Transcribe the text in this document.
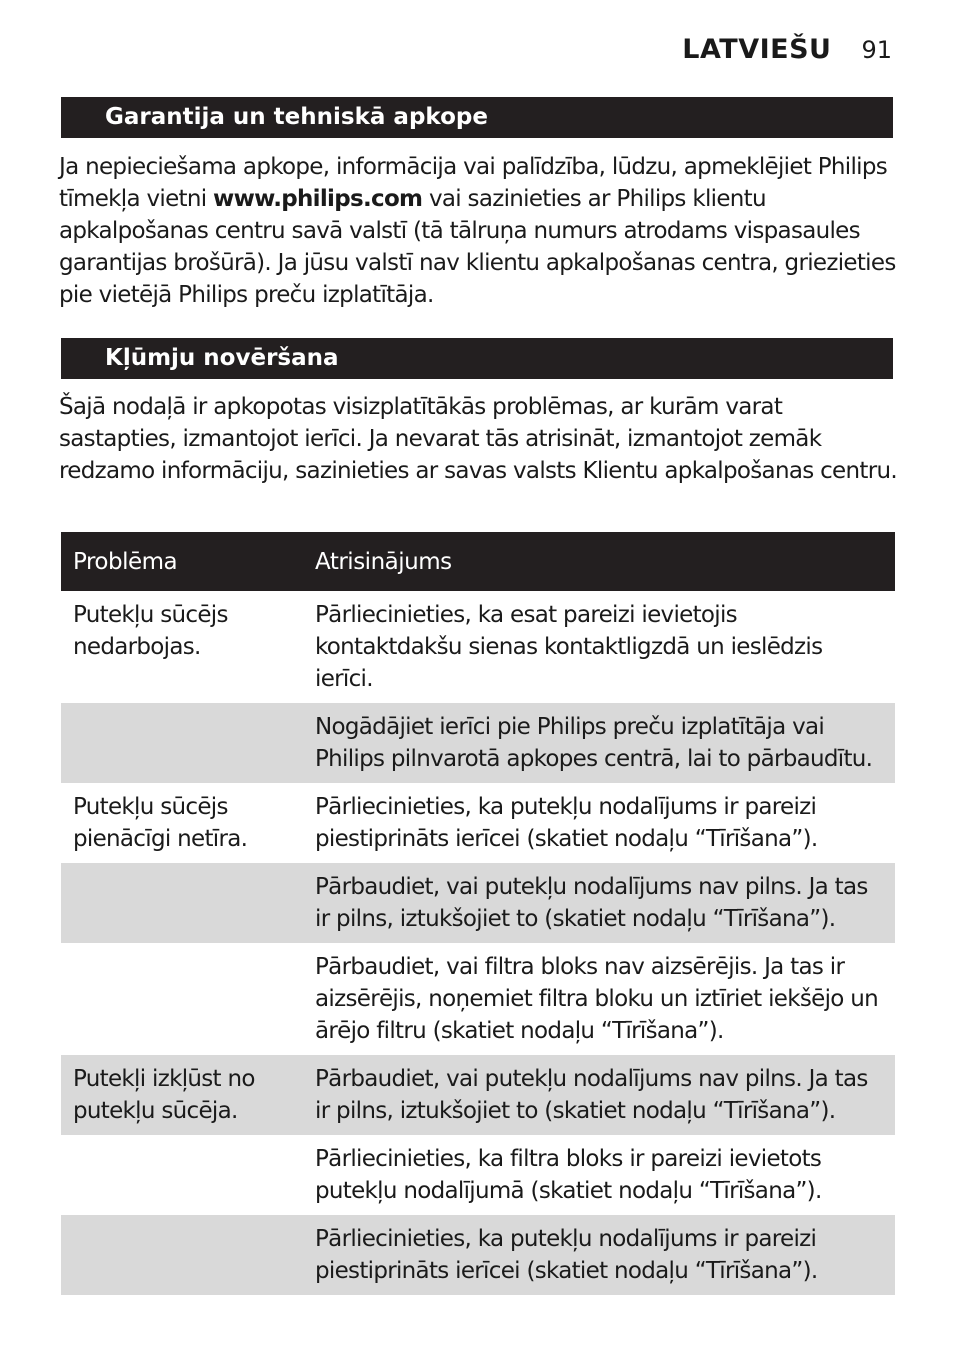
LATVIEŠU 91
Garantija un tehniskā apkope

Ja nepieciešama apkope, informācija vai palīdzība, lūdzu, apmeklējiet Philips tīmekļa vietni www.philips.com vai sazinieties ar Philips klientu apkalpošanas centru savā valstī (tā tālruņa numurs atrodams vispasaules garantijas brošūrā). Ja jūsu valstī nav klientu apkalpošanas centra, griezieties pie vietējā Philips preču izplatītāja.

Kļūmju novēršana

Šajā nodaļā ir apkopotas visizplatītākās problēmas, ar kurām varat sastapties, izmantojot ierīci. Ja nevarat tās atrisināt, izmantojot zemāk redzamo informāciju, sazinieties ar savas valsts Klientu apkalpošanas centru.

Problēma	Atrisinājums
Putekļu sūcējs nedarbojas.	Pārliecinieties, ka esat pareizi ievietojis kontaktdakšu sienas kontaktligzdā un ieslēdzis ierīci.
	Nogādājiet ierīci pie Philips preču izplatītāja vai Philips pilnvarotā apkopes centrā, lai to pārbaudītu.
Putekļu sūcējs pienācīgi netīra.	Pārliecinieties, ka putekļu nodalījums ir pareizi piestiprināts ierīcei (skatiet nodaļu “Tīrīšana”).
	Pārbaudiet, vai putekļu nodalījums nav pilns. Ja tas ir pilns, iztukšojiet to (skatiet nodaļu “Tīrīšana”).
	Pārbaudiet, vai filtra bloks nav aizsērējis. Ja tas ir aizsērējis, noņemiet filtra bloku un iztīriet iekšējo un ārējo filtru (skatiet nodaļu “Tīrīšana”).
Putekļi izkļūst no putekļu sūcēja.	Pārbaudiet, vai putekļu nodalījums nav pilns. Ja tas ir pilns, iztukšojiet to (skatiet nodaļu “Tīrīšana”).
	Pārliecinieties, ka filtra bloks ir pareizi ievietots putekļu nodalījumā (skatiet nodaļu “Tīrīšana”).
	Pārliecinieties, ka putekļu nodalījums ir pareizi piestiprināts ierīcei (skatiet nodaļu “Tīrīšana”).
